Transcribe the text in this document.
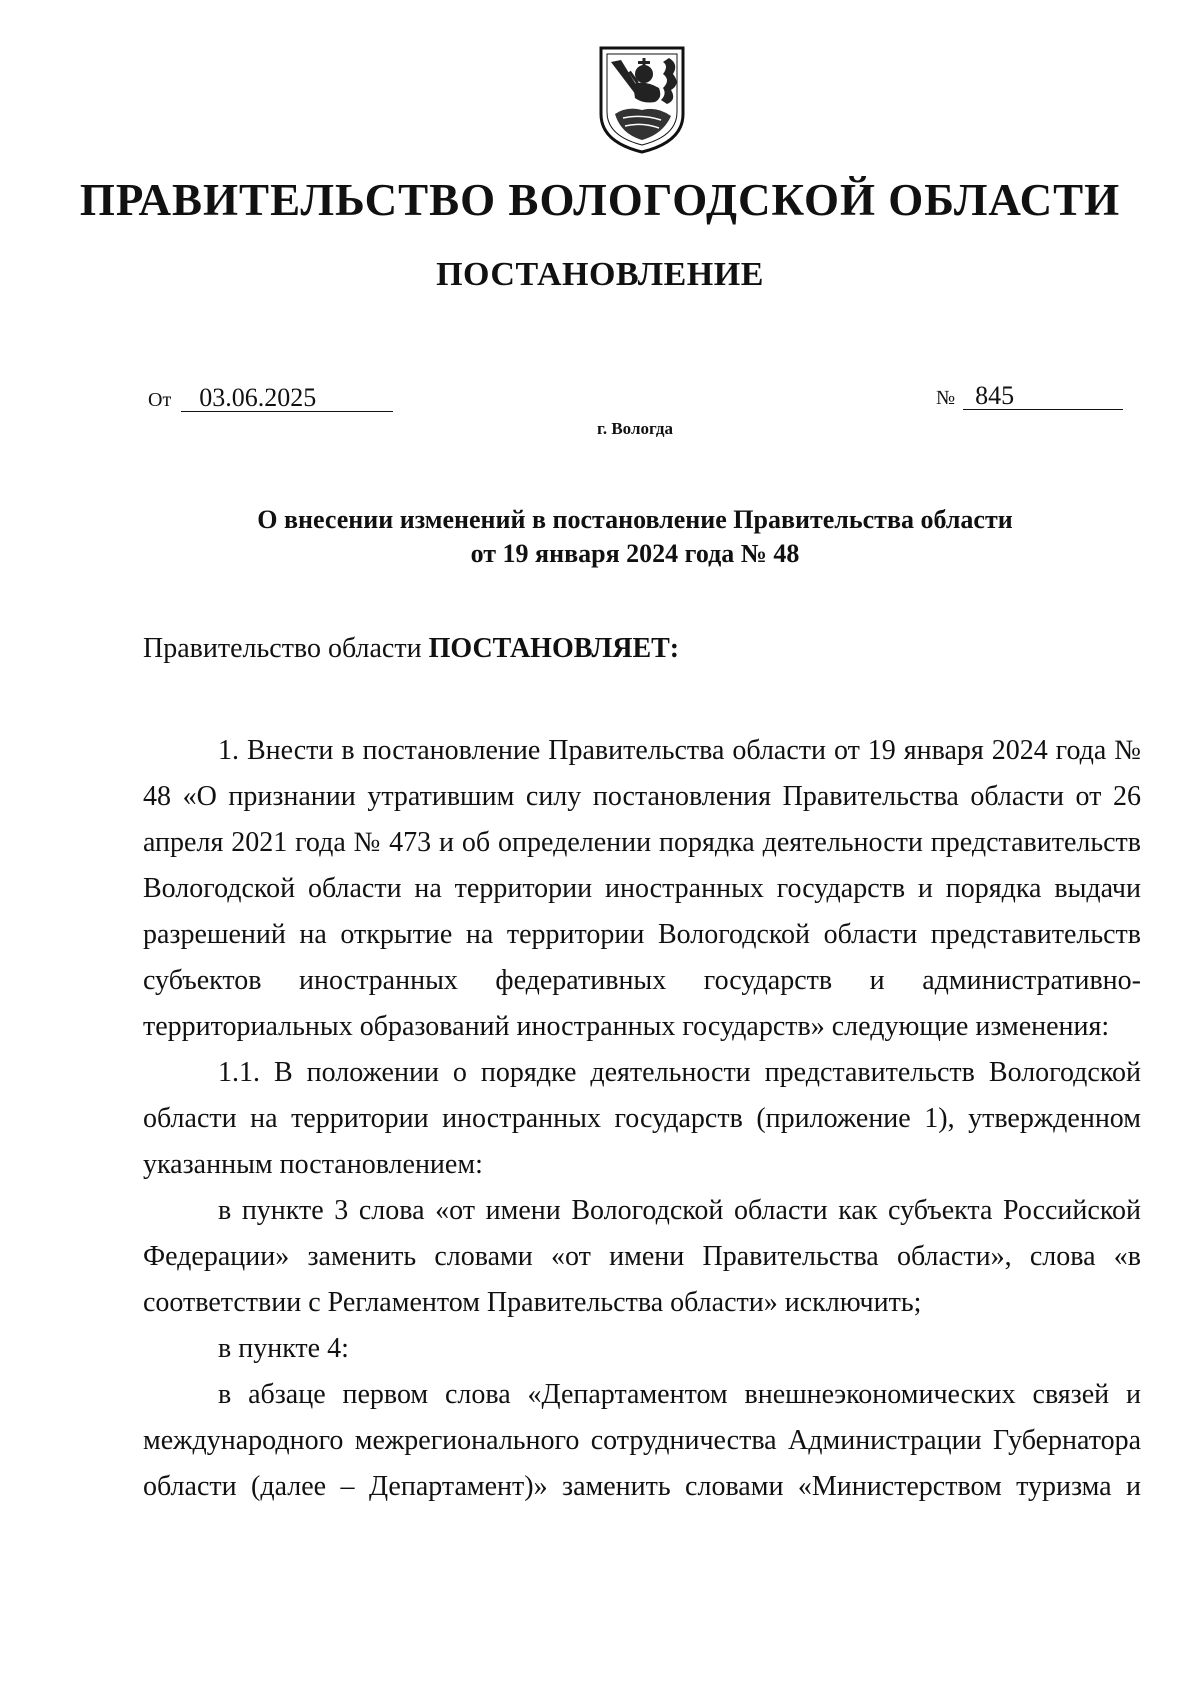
ПРАВИТЕЛЬСТВО ВОЛОГОДСКОЙ ОБЛАСТИ
ПОСТАНОВЛЕНИЕ
От 03.06.2025	№ 845
г. Вологда
О внесении изменений в постановление Правительства области
от 19 января 2024 года № 48
Правительство области ПОСТАНОВЛЯЕТ:

1. Внести в постановление Правительства области от 19 января 2024 года № 48 «О признании утратившим силу постановления Правительства области от 26 апреля 2021 года № 473 и об определении порядка деятельности представительств Вологодской области на территории иностранных государств и порядка выдачи разрешений на открытие на территории Вологодской области представительств субъектов иностранных федеративных государств и административно-территориальных образований иностранных государств» следующие изменения:

1.1. В положении о порядке деятельности представительств Вологодской области на территории иностранных государств (приложение 1), утвержденном указанным постановлением:

в пункте 3 слова «от имени Вологодской области как субъекта Российской Федерации» заменить словами «от имени Правительства области», слова «в соответствии с Регламентом Правительства области» исключить;

в пункте 4:

в абзаце первом слова «Департаментом внешнеэкономических связей и международного межрегионального сотрудничества Администрации Губернатора области (далее – Департамент)» заменить словами «Министерством туризма и
